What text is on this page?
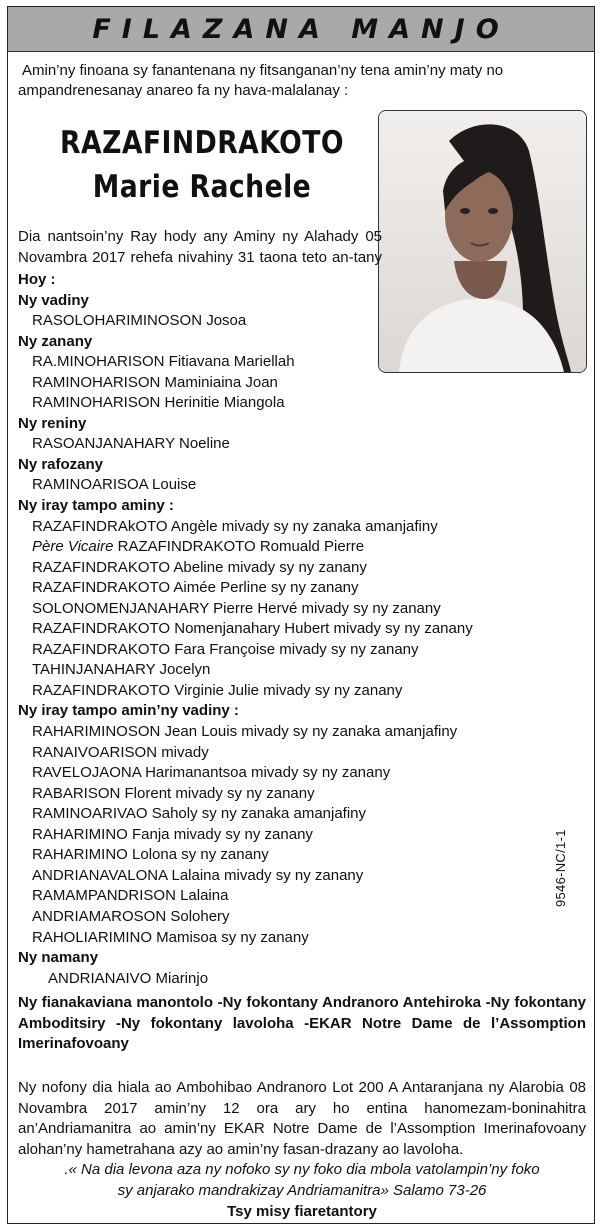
FILAZANA MANJO
Amin’ny finoana sy fanantenana ny fitsanganan’ny tena amin’ny maty no ampandrenesanay anareo fa ny hava-malalanay :
RAZAFINDRAKOTO
Marie Rachele
Dia nantsoin’ny Ray hody any Aminy ny Alahady 05 Novambra 2017 rehefa nivahiny 31 taona teto an-tany
Hoy :
Ny vadiny
RASOLOHARIMINOSON Josoa
Ny zanany
RA.MINOHARISON Fitiavana Mariellah
RAMINOHARISON Maminiaina Joan
RAMINOHARISON Herinitie Miangola
Ny reniny
RASOANJANAHARY Noeline
Ny rafozany
RAMINOARISOA Louise
Ny iray tampo aminy :
RAZAFINDRAkOTO Angèle mivady sy ny zanaka amanjafiny
Père Vicaire RAZAFINDRAKOTO Romuald Pierre
RAZAFINDRAKOTO Abeline mivady sy ny zanany
RAZAFINDRAKOTO Aimée Perline sy ny zanany
SOLONOMENJANAHARY Pierre Hervé mivady sy ny zanany
RAZAFINDRAKOTO Nomenjanahary Hubert mivady sy ny zanany
RAZAFINDRAKOTO Fara Françoise mivady sy ny zanany
TAHINJANAHARY Jocelyn
RAZAFINDRAKOTO Virginie Julie mivady sy ny zanany
Ny iray tampo amin’ny vadiny :
RAHARIMINOSON Jean Louis mivady sy ny zanaka amanjafiny
RANAIVOARISON mivady
RAVELOJAONA Harimanantsoa mivady sy ny zanany
RABARISON Florent mivady sy ny zanany
RAMINOARIVAO Saholy sy ny zanaka amanjafiny
RAHARIMINO Fanja mivady sy ny zanany
RAHARIMINO Lolona sy ny zanany
ANDRIANAVALONA Lalaina mivady sy ny zanany
RAMAMPANDRISON Lalaina
ANDRIAMAROSON Solohery
RAHOLIARIMINO Mamisoa sy ny zanany
Ny namany
ANDRIANAIVO Miarinjo
Ny fianakaviana manontolo -Ny fokontany Andranoro Antehiroka -Ny fokontany Amboditsiry -Ny fokontany lavoloha -EKAR Notre Dame de l’Assomption Imerinafovoany
Ny nofony dia hiala ao Ambohibao Andranoro Lot 200 A Antaranjana ny Alarobia 08 Novambra 2017 amin’ny 12 ora ary ho entina hanomezam-boninahitra an’Andriamanitra ao amin’ny EKAR Notre Dame de l’Assomption Imerinafovoany alohan’ny hametrahana azy ao amin’ny fasan-drazany ao lavoloha.
.« Na dia levona aza ny nofoko sy ny foko dia mbola vatolampin’ny foko
sy anjarako mandrakizay Andriamanitra» Salamo 73-26
Tsy misy fiaretantory
9546-NC/1-1
